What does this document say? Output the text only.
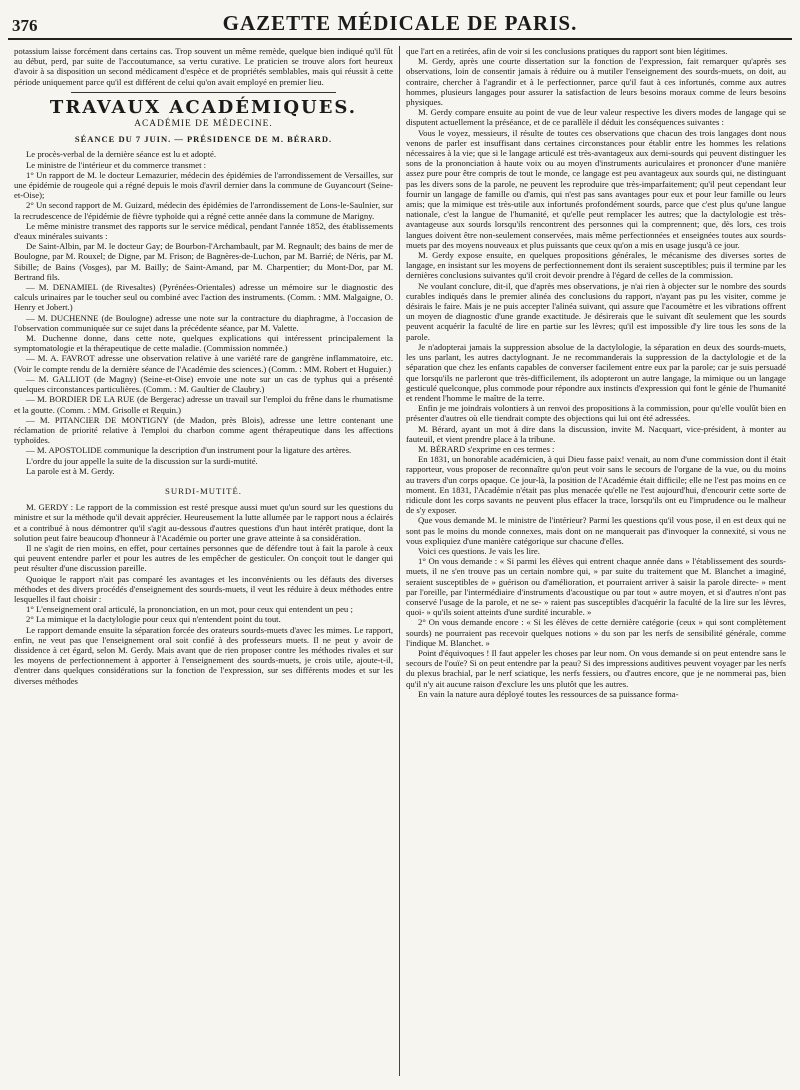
376	GAZETTE MÉDICALE DE PARIS.

potassium laisse forcément dans certains cas. Trop souvent un même remède, quelque bien indiqué qu'il fût au début, perd, par suite de l'accoutumance, sa vertu curative. Le praticien se trouve alors fort heureux d'avoir à sa disposition un second médicament d'espèce et de propriétés semblables, mais qui réussit à cette période uniquement parce qu'il est différent de celui qu'on avait employé en premier lieu.

TRAVAUX ACADÉMIQUES.
ACADÉMIE DE MÉDECINE.
SÉANCE DU 7 JUIN. — PRÉSIDENCE DE M. BÉRARD.

Le procès-verbal de la dernière séance est lu et adopté.

Le ministre de l'intérieur et du commerce transmet :

1° Un rapport de M. le docteur Lemazurier, médecin des épidémies de l'arrondissement de Versailles, sur une épidémie de rougeole qui a régné depuis le mois d'avril dernier dans la commune de Guyancourt (Seine-et-Oise);

2° Un second rapport de M. Guizard, médecin des épidémies de l'arrondissement de Lons-le-Saulnier, sur la recrudescence de l'épidémie de fièvre typhoïde qui a régné cette année dans la commune de Marigny.

Le même ministre transmet des rapports sur le service médical, pendant l'année 1852, des établissements d'eaux minérales suivants :

De Saint-Albin, par M. le docteur Gay; de Bourbon-l'Archambault, par M. Regnault; des bains de mer de Boulogne, par M. Rouxel; de Digne, par M. Frison; de Bagnères-de-Luchon, par M. Barrié; de Néris, par M. Sibille; de Bains (Vosges), par M. Bailly; de Saint-Amand, par M. Charpentier; du Mont-Dor, par M. Bertrand fils.

— M. DENAMIEL (de Rivesaltes) (Pyrénées-Orientales) adresse un mémoire sur le diagnostic des calculs urinaires par le toucher seul ou combiné avec l'action des instruments. (Comm. : MM. Malgaigne, O. Henry et Jobert.)

— M. DUCHENNE (de Boulogne) adresse une note sur la contracture du diaphragme, à l'occasion de l'observation communiquée sur ce sujet dans la précédente séance, par M. Valette.

M. Duchenne donne, dans cette note, quelques explications qui intéressent principalement la symptomatologie et la thérapeutique de cette maladie. (Commission nommée.)

— M. A. FAVROT adresse une observation relative à une variété rare de gangrène inflammatoire, etc. (Voir le compte rendu de la dernière séance de l'Académie des sciences.) (Comm. : MM. Robert et Huguier.)

— M. GALLIOT (de Magny) (Seine-et-Oise) envoie une note sur un cas de typhus qui a présenté quelques circonstances particulières. (Comm. : M. Gaultier de Claubry.)

— M. BORDIER DE LA RUE (de Bergerac) adresse un travail sur l'emploi du frêne dans le rhumatisme et la goutte. (Comm. : MM. Grisolle et Requin.)

— M. PITANCIER DE MONTIGNY (de Madon, près Blois), adresse une lettre contenant une réclamation de priorité relative à l'emploi du charbon comme agent thérapeutique dans les affections typhoïdes.

— M. APOSTOLIDE communique la description d'un instrument pour la ligature des artères.

L'ordre du jour appelle la suite de la discussion sur la surdi-mutité.

La parole est à M. Gerdy.

SURDI-MUTITÉ.

M. GERDY : Le rapport de la commission est resté presque aussi muet qu'un sourd sur les questions du ministre et sur la méthode qu'il devait apprécier. Heureusement la lutte allumée par le rapport nous a éclairés et a contribué à nous démontrer qu'il s'agit au-dessous d'autres questions d'un haut intérêt pratique, dont la solution peut faire beaucoup d'honneur à l'Académie ou porter une grave atteinte à sa considération.

Il ne s'agit de rien moins, en effet, pour certaines personnes que de défendre tout à fait la parole à ceux qui peuvent entendre parler et pour les autres de les empêcher de gesticuler. On conçoit tout le danger qui peut résulter d'une discussion pareille.

Quoique le rapport n'ait pas comparé les avantages et les inconvénients ou les défauts des diverses méthodes et des divers procédés d'enseignement des sourds-muets, il veut les réduire à deux méthodes entre lesquelles il faut choisir :

1° L'enseignement oral articulé, la prononciation, en un mot, pour ceux qui entendent un peu ;

2° La mimique et la dactylologie pour ceux qui n'entendent point du tout.

Le rapport demande ensuite la séparation forcée des orateurs sourds-muets d'avec les mimes. Le rapport, enfin, ne veut pas que l'enseignement oral soit confié à des professeurs muets. Il ne peut y avoir de dissidence à cet égard, selon M. Gerdy. Mais avant que de rien proposer contre les méthodes rivales et sur les moyens de perfectionnement à apporter à l'enseignement des sourds-muets, je crois utile, ajoute-t-il, d'entrer dans quelques considérations sur la fonction de l'expression, sur ses différents modes et sur les diverses méthodes

que l'art en a retirées, afin de voir si les conclusions pratiques du rapport sont bien légitimes.

M. Gerdy, après une courte dissertation sur la fonction de l'expression, fait remarquer qu'après ses observations, loin de consentir jamais à réduire ou à mutiler l'enseignement des sourds-muets, on doit, au contraire, chercher à l'agrandir et à le perfectionner, parce qu'il faut à ces infortunés, comme aux autres hommes, plusieurs langages pour assurer la satisfaction de leurs besoins moraux comme de leurs besoins physiques.

M. Gerdy compare ensuite au point de vue de leur valeur respective les divers modes de langage qui se disputent actuellement la préséance, et de ce parallèle il déduit les conséquences suivantes :

Vous le voyez, messieurs, il résulte de toutes ces observations que chacun des trois langages dont nous venons de parler est insuffisant dans certaines circonstances pour établir entre les hommes les relations nécessaires à la vie; que si le langage articulé est très-avantageux aux demi-sourds qui peuvent distinguer les sons de la prononciation à haute voix ou au moyen d'instruments auriculaires et prononcer d'une manière assez pure pour être compris de tout le monde, ce langage est peu avantageux aux sourds qui, ne distinguant pas les divers sons de la parole, ne peuvent les reproduire que très-imparfaitement; qu'il peut cependant leur fournir un langage de famille ou d'amis, qui n'est pas sans avantages pour eux et pour leur famille ou leurs amis; que la mimique est très-utile aux infortunés profondément sourds, parce que c'est plus qu'une langue nationale, c'est la langue de l'humanité, et qu'elle peut remplacer les autres; que la dactylologie est très-avantageuse aux sourds lorsqu'ils rencontrent des personnes qui la comprennent; que, dès lors, ces trois langues doivent être non-seulement conservées, mais même perfectionnées et enseignées toutes aux sourds-muets par des moyens nouveaux et plus puissants que ceux qu'on a mis en usage jusqu'à ce jour.

M. Gerdy expose ensuite, en quelques propositions générales, le mécanisme des diverses sortes de langage, en insistant sur les moyens de perfectionnement dont ils seraient susceptibles; puis il termine par les dernières conclusions suivantes qu'il croit devoir prendre à l'égard de celles de la commission.

Ne voulant conclure, dit-il, que d'après mes observations, je n'ai rien à objecter sur le nombre des sourds curables indiqués dans le premier alinéa des conclusions du rapport, n'ayant pas pu les visiter, comme je désirais le faire. Mais je ne puis accepter l'alinéa suivant, qui assure que l'acoumètre et les vibrations offrent un moyen de diagnostic d'une grande exactitude. Je désirerais que le suivant dît seulement que les sourds peuvent acquérir la faculté de lire en partie sur les lèvres; qu'il est impossible d'y lire tous les sons de la parole.

Je n'adopterai jamais la suppression absolue de la dactylologie, la séparation en deux des sourds-muets, les uns parlant, les autres dactylognant. Je ne recommanderais la suppression de la dactylologie et de la séparation que chez les enfants capables de converser facilement entre eux par la parole; car je suis persuadé que lorsqu'ils ne parleront que très-difficilement, ils adopteront un autre langage, la mimique ou un langage gesticulé quelconque, plus commode pour répondre aux instincts d'expression qui font le génie de l'humanité et rendent l'homme le maître de la terre.

Enfin je me joindrais volontiers à un renvoi des propositions à la commission, pour qu'elle voulût bien en présenter d'autres où elle tiendrait compte des objections qui lui ont été adressées.

M. Bérard, ayant un mot à dire dans la discussion, invite M. Nacquart, vice-président, à monter au fauteuil, et vient prendre place à la tribune.

M. BÉRARD s'exprime en ces termes :

En 1831, un honorable académicien, à qui Dieu fasse paix! venait, au nom d'une commission dont il était rapporteur, vous proposer de reconnaître qu'on peut voir sans le secours de l'organe de la vue, ou du moins au travers d'un corps opaque. Ce jour-là, la position de l'Académie était difficile; elle ne l'est pas moins en ce moment. En 1831, l'Académie n'était pas plus menacée qu'elle ne l'est aujourd'hui, d'encourir cette sorte de ridicule dont les corps savants ne peuvent plus effacer la trace, lorsqu'ils ont eu l'imprudence ou le malheur de s'y exposer.

Que vous demande M. le ministre de l'intérieur? Parmi les questions qu'il vous pose, il en est deux qui ne sont pas le moins du monde connexes, mais dont on ne manquerait pas d'invoquer la connexité, si vous ne vous expliquiez d'une manière catégorique sur chacune d'elles.

Voici ces questions. Je vais les lire.

1° On vous demande : « Si parmi les élèves qui entrent chaque année dans » l'établissement des sourds-muets, il ne s'en trouve pas un certain nombre qui, » par suite du traitement que M. Blanchet a imaginé, seraient susceptibles de » guérison ou d'amélioration, et pourraient arriver à saisir la parole directe- » ment par l'oreille, par l'intermédiaire d'instruments d'acoustique ou par tout » autre moyen, et si d'autres n'ont pas conservé l'usage de la parole, et ne se- » raient pas susceptibles d'acquérir la faculté de la lire sur les lèvres, quoi- » qu'ils soient atteints d'une surdité incurable. »

2° On vous demande encore : « Si les élèves de cette dernière catégorie (ceux » qui sont complètement sourds) ne pourraient pas recevoir quelques notions » du son par les nerfs de sensibilité générale, comme l'indique M. Blanchet. »

Point d'équivoques ! Il faut appeler les choses par leur nom. On vous demande si on peut entendre sans le secours de l'ouïe? Si on peut entendre par la peau? Si des impressions auditives peuvent voyager par les nerfs du plexus brachial, par le nerf sciatique, les nerfs fessiers, ou d'autres encore, que je ne nommerai pas, bien qu'il n'y ait aucune raison d'exclure les uns plutôt que les autres.

En vain la nature aura déployé toutes les ressources de sa puissance forma-
